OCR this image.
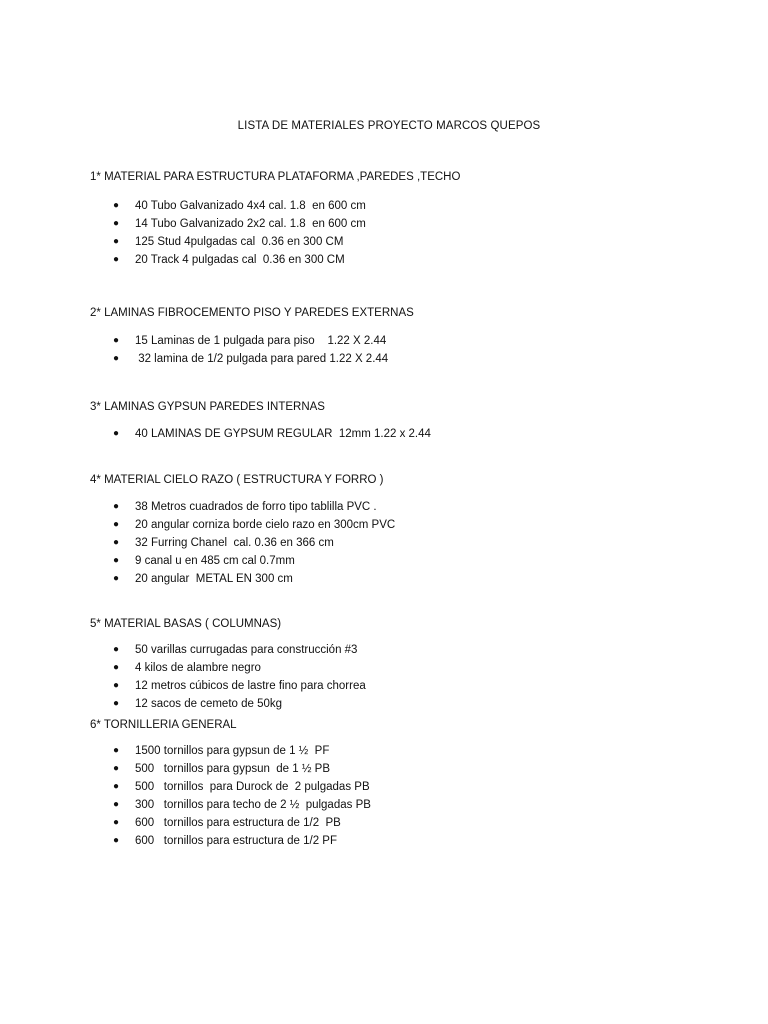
LISTA DE MATERIALES PROYECTO MARCOS QUEPOS
1* MATERIAL PARA ESTRUCTURA PLATAFORMA ,PAREDES ,TECHO
● 40 Tubo Galvanizado 4x4 cal. 1.8  en 600 cm
● 14 Tubo Galvanizado 2x2 cal. 1.8  en 600 cm
● 125 Stud 4pulgadas cal  0.36 en 300 CM
● 20 Track 4 pulgadas cal  0.36 en 300 CM
2* LAMINAS FIBROCEMENTO PISO Y PAREDES EXTERNAS
● 15 Laminas de 1 pulgada para piso    1.22 X 2.44
● 32 lamina de 1/2 pulgada para pared 1.22 X 2.44
3* LAMINAS GYPSUN PAREDES INTERNAS
● 40 LAMINAS DE GYPSUM REGULAR  12mm 1.22 x 2.44
4* MATERIAL CIELO RAZO ( ESTRUCTURA Y FORRO )
● 38 Metros cuadrados de forro tipo tablilla PVC .
● 20 angular corniza borde cielo razo en 300cm PVC
● 32 Furring Chanel  cal. 0.36 en 366 cm
● 9 canal u en 485 cm cal 0.7mm
● 20 angular  METAL EN 300 cm
5* MATERIAL BASAS ( COLUMNAS)
● 50 varillas currugadas para construcción #3
● 4 kilos de alambre negro
● 12 metros cúbicos de lastre fino para chorrea
● 12 sacos de cemeto de 50kg
6* TORNILLERIA GENERAL
● 1500 tornillos para gypsun de 1 ½  PF
● 500   tornillos para gypsun  de 1 ½ PB
● 500   tornillos  para Durock de  2 pulgadas PB
● 300   tornillos para techo de 2 ½  pulgadas PB
● 600   tornillos para estructura de 1/2  PB
● 600   tornillos para estructura de 1/2 PF
